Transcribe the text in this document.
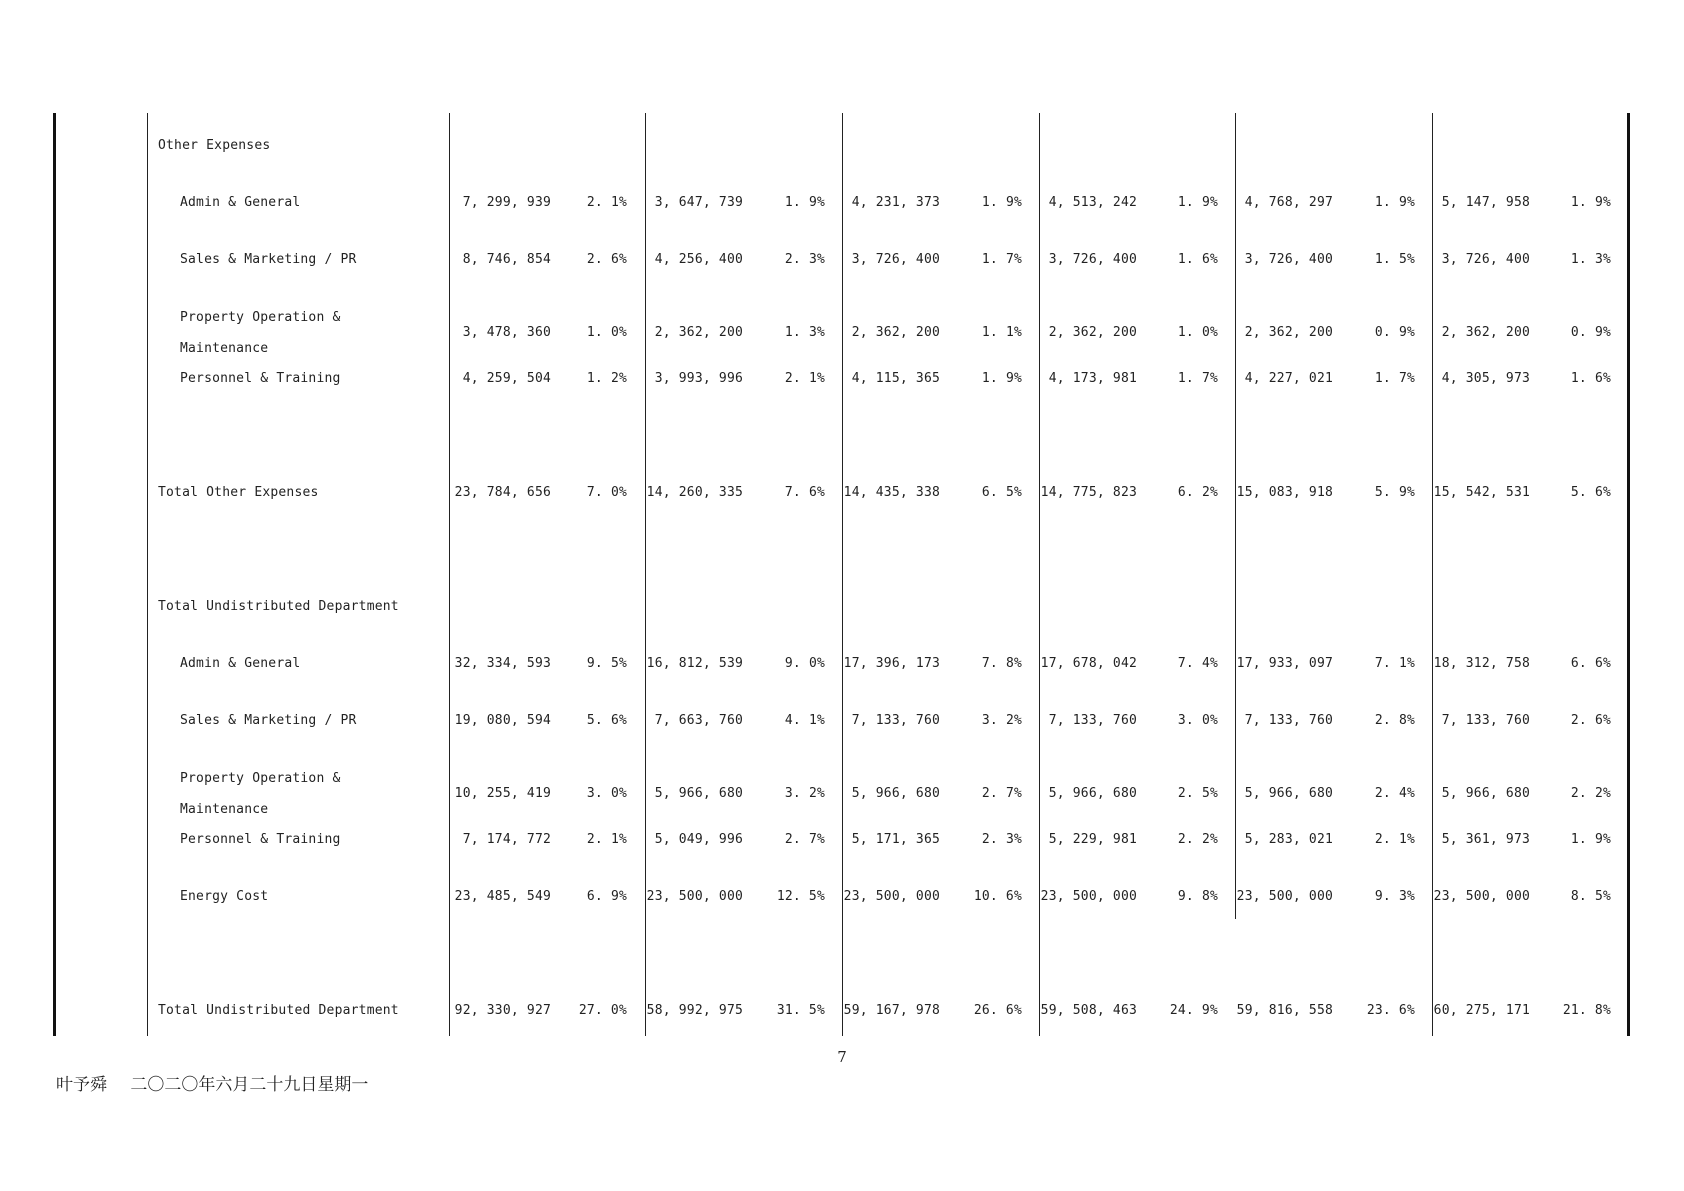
Other Expenses
Admin & General	7, 299, 939	2. 1% 3, 647, 739	1. 9% 4, 231, 373	1. 9% 4, 513, 242	1. 9% 4, 768, 297	1. 9% 5, 147, 958	1. 9%
Sales & Marketing / PR	8, 746, 854	2. 6% 4, 256, 400	2. 3% 3, 726, 400	1. 7% 3, 726, 400	1. 6% 3, 726, 400	1. 5% 3, 726, 400	1. 3%
Property Operation & Maintenance
3, 478, 360	1. 0% 2, 362, 200	1. 3% 2, 362, 200	1. 1% 2, 362, 200	1. 0% 2, 362, 200	0. 9% 2, 362, 200	0. 9%
Personnel & Training	4, 259, 504	1. 2% 3, 993, 996	2. 1% 4, 115, 365	1. 9% 4, 173, 981	1. 7% 4, 227, 021	1. 7% 4, 305, 973	1. 6%
Total Other Expenses	23, 784, 656	7. 0% 14, 260, 335	7. 6% 14, 435, 338	6. 5% 14, 775, 823	6. 2% 15, 083, 918	5. 9% 15, 542, 531	5. 6%
Total Undistributed Department
Admin & General	32, 334, 593	9. 5% 16, 812, 539	9. 0% 17, 396, 173	7. 8% 17, 678, 042	7. 4% 17, 933, 097	7. 1% 18, 312, 758	6. 6%
Sales & Marketing / PR	19, 080, 594	5. 6% 7, 663, 760	4. 1% 7, 133, 760	3. 2% 7, 133, 760	3. 0% 7, 133, 760	2. 8% 7, 133, 760	2. 6%
Property Operation & Maintenance
10, 255, 419	3. 0% 5, 966, 680	3. 2% 5, 966, 680	2. 7% 5, 966, 680	2. 5% 5, 966, 680	2. 4% 5, 966, 680	2. 2%
Personnel & Training	7, 174, 772	2. 1% 5, 049, 996	2. 7% 5, 171, 365	2. 3% 5, 229, 981	2. 2% 5, 283, 021	2. 1% 5, 361, 973	1. 9%
Energy Cost	23, 485, 549	6. 9% 23, 500, 000	12. 5% 23, 500, 000	10. 6% 23, 500, 000	9. 8% 23, 500, 000	9. 3% 23, 500, 000	8. 5%
Total Undistributed Department	92, 330, 927 27. 0% 58, 992, 975	31. 5% 59, 167, 978	26. 6% 59, 508, 463	24. 9% 59, 816, 558	23. 6% 60, 275, 171	21. 8%
7
叶予舜 二〇二〇年六月二十九日星期一
